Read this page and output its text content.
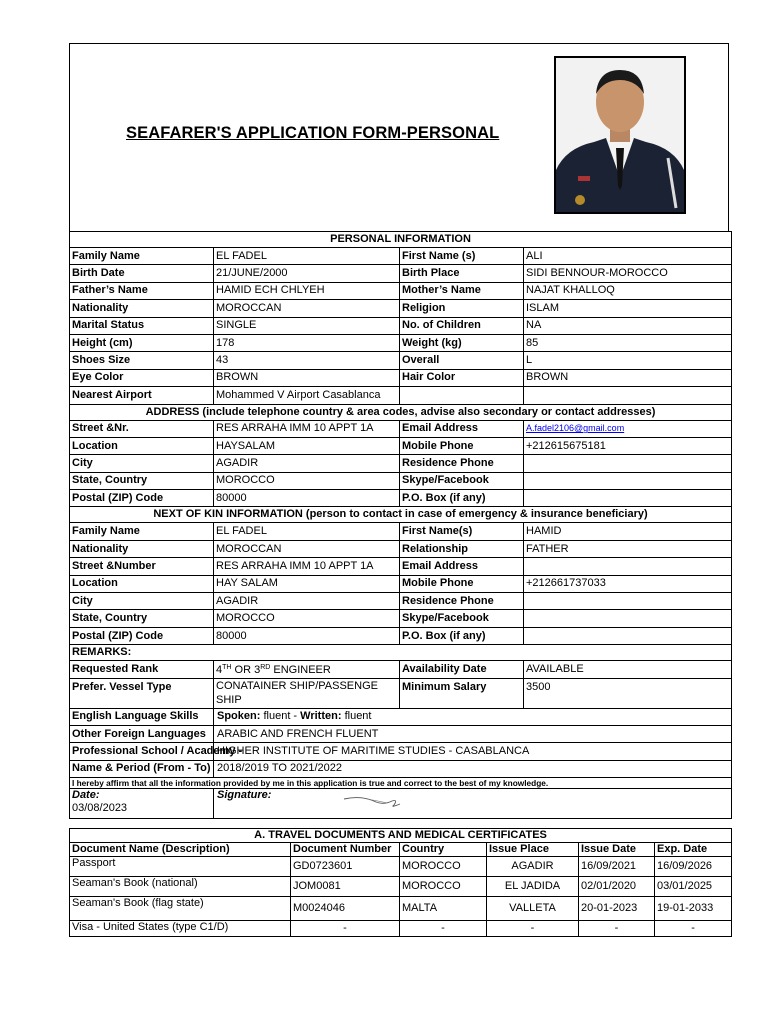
SEAFARER'S APPLICATION FORM-PERSONAL
PERSONAL INFORMATION			
Family Name	EL FADEL	First Name (s)	ALI
Birth Date	21/JUNE/2000	Birth Place	SIDI BENNOUR-MOROCCO
Father’s Name	HAMID ECH CHLYEH	Mother’s Name	NAJAT KHALLOQ
Nationality	MOROCCAN	Religion	ISLAM
Marital Status	SINGLE	No. of Children	NA
Height (cm)	178	Weight (kg)	85
Shoes Size	43	Overall	L
Eye Color	BROWN	Hair Color	BROWN
Nearest Airport	Mohammed V Airport Casablanca		
ADDRESS (include telephone country & area codes, advise also secondary or contact addresses)			
Street &Nr.	RES ARRAHA IMM 10 APPT 1A	Email Address	A.fadel2106@gmail.com
Location	HAYSALAM	Mobile Phone	+212615675181
City	AGADIR	Residence Phone	
State, Country	MOROCCO	Skype/Facebook	
Postal (ZIP) Code	80000	P.O. Box (if any)	
NEXT OF KIN INFORMATION (person to contact in case of emergency & insurance beneficiary)			
Family Name	EL FADEL	First Name(s)	HAMID
Nationality	MOROCCAN	Relationship	FATHER
Street &Number	RES ARRAHA IMM 10 APPT 1A	Email Address	
Location	HAY SALAM	Mobile Phone	+212661737033
City	AGADIR	Residence Phone	
State, Country	MOROCCO	Skype/Facebook	
Postal (ZIP) Code	80000	P.O. Box (if any)	
REMARKS:			
Requested Rank	4TH OR 3RD ENGINEER	Availability Date	AVAILABLE
Prefer. Vessel Type	CONATAINER SHIP/PASSENGE SHIP	Minimum Salary	3500
English Language Skills	Spoken: fluent - Written: fluent		
Other Foreign Languages	ARABIC AND FRENCH FLUENT		
Professional School / Academy -	HIGHER INSTITUTE OF MARITIME STUDIES - CASABLANCA		
Name & Period (From - To)	2018/2019 TO 2021/2022		
I hereby affirm that all the information provided by me in this application is true and correct to the best of my knowledge.			

Date:
03/08/2023	Signature:		
A. TRAVEL DOCUMENTS AND MEDICAL CERTIFICATES					
Document Name (Description)	Document Number	Country	Issue Place	Issue Date	Exp. Date
Passport	GD0723601	MOROCCO	AGADIR	16/09/2021	16/09/2026
Seaman's Book (national)	JOM0081	MOROCCO	EL JADIDA	02/01/2020	03/01/2025
Seaman's Book (flag state)	M0024046	MALTA	VALLETA	20-01-2023	19-01-2033
Visa - United States (type C1/D)	-	-	-	-	-
